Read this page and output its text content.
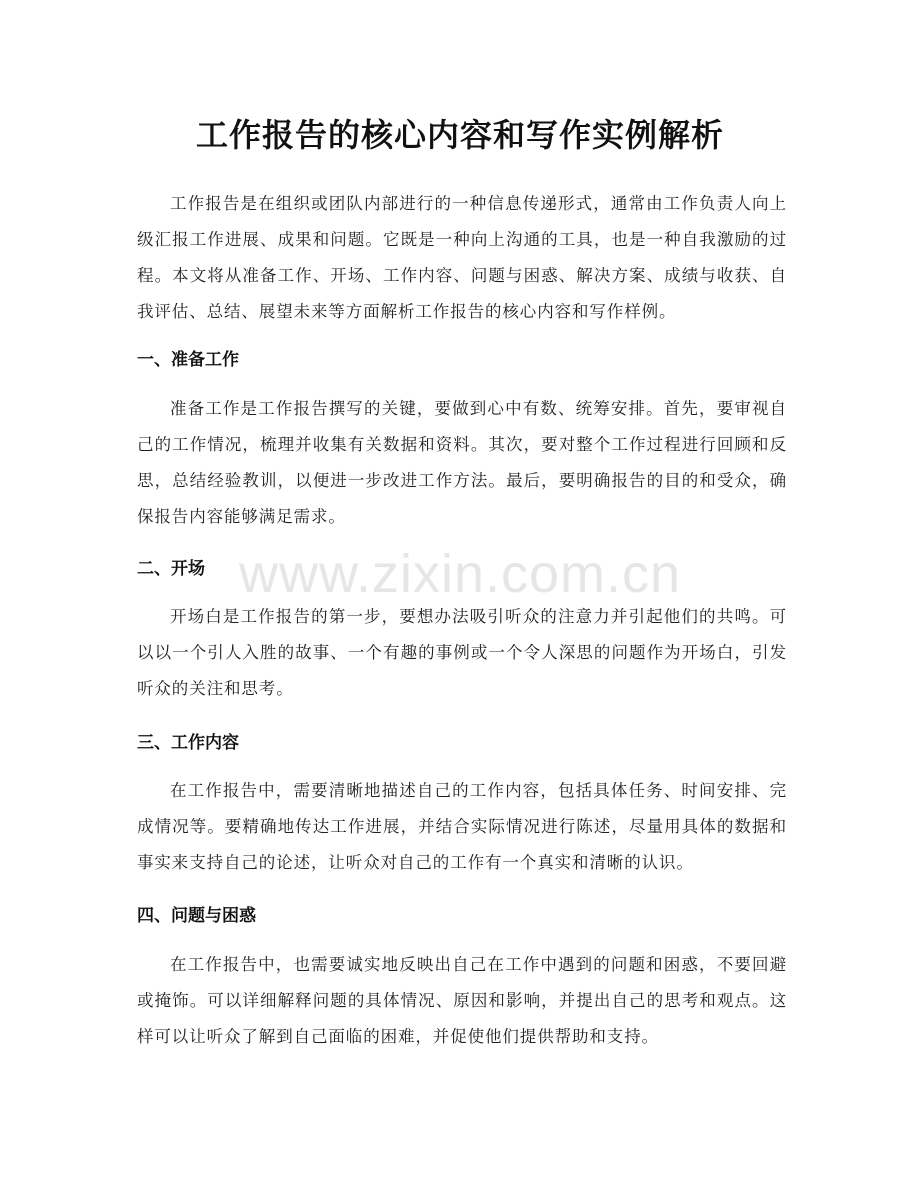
工作报告的核心内容和写作实例解析

工作报告是在组织或团队内部进行的一种信息传递形式，通常由工作负责人向上级汇报工作进展、成果和问题。它既是一种向上沟通的工具，也是一种自我激励的过程。本文将从准备工作、开场、工作内容、问题与困惑、解决方案、成绩与收获、自我评估、总结、展望未来等方面解析工作报告的核心内容和写作样例。

一、准备工作

准备工作是工作报告撰写的关键，要做到心中有数、统筹安排。首先，要审视自己的工作情况，梳理并收集有关数据和资料。其次，要对整个工作过程进行回顾和反思，总结经验教训，以便进一步改进工作方法。最后，要明确报告的目的和受众，确保报告内容能够满足需求。

二、开场

开场白是工作报告的第一步，要想办法吸引听众的注意力并引起他们的共鸣。可以以一个引人入胜的故事、一个有趣的事例或一个令人深思的问题作为开场白，引发听众的关注和思考。

三、工作内容

在工作报告中，需要清晰地描述自己的工作内容，包括具体任务、时间安排、完成情况等。要精确地传达工作进展，并结合实际情况进行陈述，尽量用具体的数据和事实来支持自己的论述，让听众对自己的工作有一个真实和清晰的认识。

四、问题与困惑

在工作报告中，也需要诚实地反映出自己在工作中遇到的问题和困惑，不要回避或掩饰。可以详细解释问题的具体情况、原因和影响，并提出自己的思考和观点。这样可以让听众了解到自己面临的困难，并促使他们提供帮助和支持。

www.zixin.com.cn
